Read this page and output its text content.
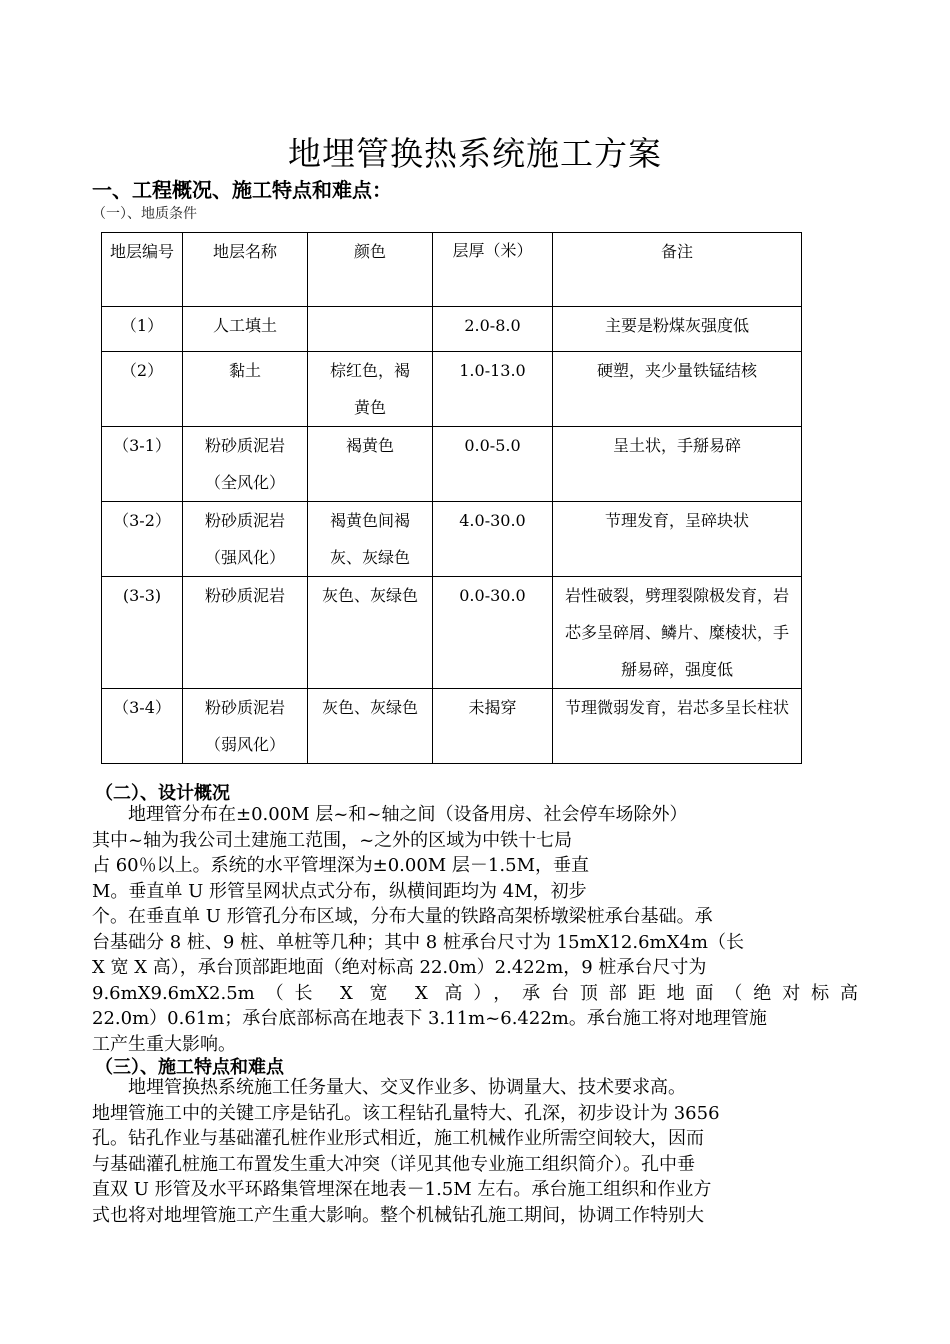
地埋管换热系统施工方案
一、工程概况、施工特点和难点：
（一）、地质条件
地层编号	地层名称	颜色	层厚（米）	备注
（1）	人工填土		2.0-8.0	主要是粉煤灰强度低
（2）	黏土	棕红色，褐黄色	1.0-13.0	硬塑，夹少量铁锰结核
（3-1）	粉砂质泥岩（全风化）	褐黄色	0.0-5.0	呈土状，手掰易碎
（3-2）	粉砂质泥岩（强风化）	褐黄色间褐灰、灰绿色	4.0-30.0	节理发育，呈碎块状
(3-3)	粉砂质泥岩	灰色、灰绿色	0.0-30.0	岩性破裂，劈理裂隙极发育，岩芯多呈碎屑、鳞片、糜棱状，手掰易碎，强度低
（3-4）	粉砂质泥岩（弱风化）	灰色、灰绿色	未揭穿	节理微弱发育，岩芯多呈长柱状
（二）、设计概况
　　地理管分布在±0.00M 层~和~轴之间（设备用房、社会停车场除外）
其中~轴为我公司土建施工范围，~之外的区域为中铁十七局
占 60％以上。系统的水平管埋深为±0.00M 层－1.5M，垂直
M。垂直单 U 形管呈网状点式分布，纵横间距均为 4M，初步
个。在垂直单 U 形管孔分布区域，分布大量的铁路高架桥墩梁桩承台基础。承
台基础分 8 桩、9 桩、单桩等几种；其中 8 桩承台尺寸为 15mX12.6mX4m（长
X 宽 X 高），承台顶部距地面（绝对标高 22.0m）2.422m，9 桩承台尺寸为
9.6mX9.6mX2.5m（长 X 宽 X 高），承台顶部距地面（绝对标高
22.0m）0.61m；承台底部标高在地表下 3.11m~6.422m。承台施工将对地理管施
工产生重大影响。
（三）、施工特点和难点
　　地埋管换热系统施工任务量大、交叉作业多、协调量大、技术要求高。
地埋管施工中的关键工序是钻孔。该工程钻孔量特大、孔深，初步设计为 3656
孔。钻孔作业与基础灌孔桩作业形式相近，施工机械作业所需空间较大，因而
与基础灌孔桩施工布置发生重大冲突（详见其他专业施工组织简介）。孔中垂
直双 U 形管及水平环路集管埋深在地表－1.5M 左右。承台施工组织和作业方
式也将对地埋管施工产生重大影响。整个机械钻孔施工期间，协调工作特别大
